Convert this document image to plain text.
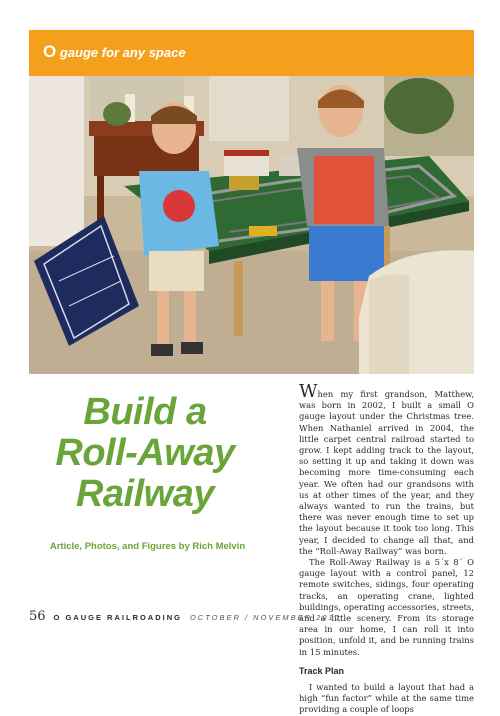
O gauge for any space
Build a
Roll-Away
Railway
Article, Photos, and Figures by Rich Melvin

When my first grandson, Matthew, was born in 2002, I built a small O gauge layout under the Christmas tree. When Nathaniel arrived in 2004, the little carpet central railroad started to grow. I kept adding track to the layout, so setting it up and taking it down was becoming more time-consuming each year. We often had our grandsons with us at other times of the year, and they always wanted to run the trains, but there was never enough time to set up the layout because it took too long. This year, I decided to change all that, and the “Roll-Away Railway” was born.

The Roll-Away Railway is a 5´x 8´ O gauge layout with a control panel, 12 remote switches, sidings, four operating tracks, an operating crane, lighted buildings, operating accessories, streets, and a little scenery. From its storage area in our home, I can roll it into position, unfold it, and be running trains in 15 minutes.

Track Plan

I wanted to build a layout that had a high “fun factor” while at the same time providing a couple of loops

56 O GAUGE RAILROADING OCTOBER / NOVEMBER 2010
